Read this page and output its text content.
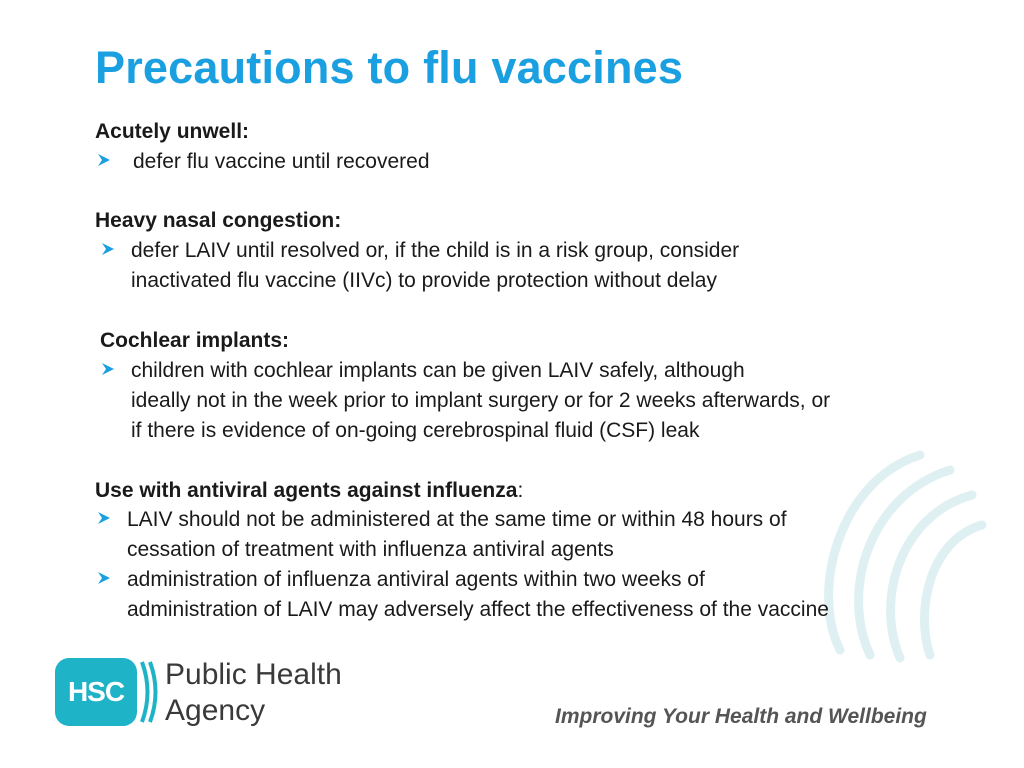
Precautions to flu vaccines
Acutely unwell:
defer flu vaccine until recovered
Heavy nasal congestion:
defer LAIV until resolved or, if the child is in a risk group, consider
inactivated flu vaccine (IIVc) to provide protection without delay
Cochlear implants:
children with cochlear implants can be given LAIV safely, although
ideally not in the week prior to implant surgery or for 2 weeks afterwards, or
if there is evidence of on-going cerebrospinal fluid (CSF) leak
Use with antiviral agents against influenza:
LAIV should not be administered at the same time or within 48 hours of
cessation of treatment with influenza antiviral agents
administration of influenza antiviral agents within two weeks of
administration of LAIV may adversely affect the effectiveness of the vaccine
HSC
Public Health
Agency	Improving Your Health and Wellbeing
